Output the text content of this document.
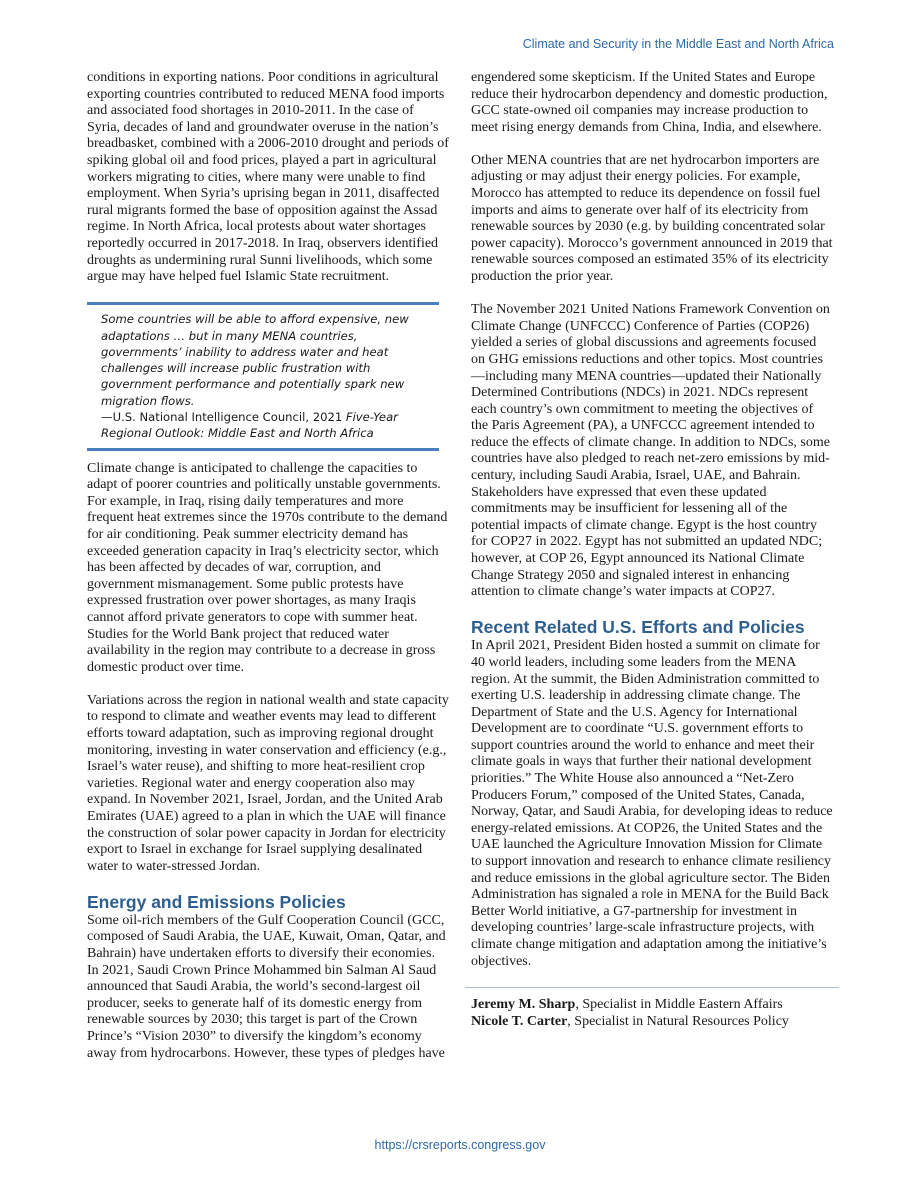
Climate and Security in the Middle East and North Africa

conditions in exporting nations. Poor conditions in agricultural exporting countries contributed to reduced MENA food imports and associated food shortages in 2010-2011. In the case of Syria, decades of land and groundwater overuse in the nation’s breadbasket, combined with a 2006-2010 drought and periods of spiking global oil and food prices, played a part in agricultural workers migrating to cities, where many were unable to find employment. When Syria’s uprising began in 2011, disaffected rural migrants formed the base of opposition against the Assad regime. In North Africa, local protests about water shortages reportedly occurred in 2017-2018. In Iraq, observers identified droughts as undermining rural Sunni livelihoods, which some argue may have helped fuel Islamic State recruitment.

Some countries will be able to afford expensive, new adaptations … but in many MENA countries, governments’ inability to address water and heat challenges will increase public frustration with government performance and potentially spark new migration flows.
—U.S. National Intelligence Council, 2021 Five-Year Regional Outlook: Middle East and North Africa

Climate change is anticipated to challenge the capacities to adapt of poorer countries and politically unstable governments. For example, in Iraq, rising daily temperatures and more frequent heat extremes since the 1970s contribute to the demand for air conditioning. Peak summer electricity demand has exceeded generation capacity in Iraq’s electricity sector, which has been affected by decades of war, corruption, and government mismanagement. Some public protests have expressed frustration over power shortages, as many Iraqis cannot afford private generators to cope with summer heat. Studies for the World Bank project that reduced water availability in the region may contribute to a decrease in gross domestic product over time.

Variations across the region in national wealth and state capacity to respond to climate and weather events may lead to different efforts toward adaptation, such as improving regional drought monitoring, investing in water conservation and efficiency (e.g., Israel’s water reuse), and shifting to more heat-resilient crop varieties. Regional water and energy cooperation also may expand. In November 2021, Israel, Jordan, and the United Arab Emirates (UAE) agreed to a plan in which the UAE will finance the construction of solar power capacity in Jordan for electricity export to Israel in exchange for Israel supplying desalinated water to water-stressed Jordan.

Energy and Emissions Policies

Some oil-rich members of the Gulf Cooperation Council (GCC, composed of Saudi Arabia, the UAE, Kuwait, Oman, Qatar, and Bahrain) have undertaken efforts to diversify their economies. In 2021, Saudi Crown Prince Mohammed bin Salman Al Saud announced that Saudi Arabia, the world’s second-largest oil producer, seeks to generate half of its domestic energy from renewable sources by 2030; this target is part of the Crown Prince’s “Vision 2030” to diversify the kingdom’s economy away from hydrocarbons. However, these types of pledges have

engendered some skepticism. If the United States and Europe reduce their hydrocarbon dependency and domestic production, GCC state-owned oil companies may increase production to meet rising energy demands from China, India, and elsewhere.

Other MENA countries that are net hydrocarbon importers are adjusting or may adjust their energy policies. For example, Morocco has attempted to reduce its dependence on fossil fuel imports and aims to generate over half of its electricity from renewable sources by 2030 (e.g. by building concentrated solar power capacity). Morocco’s government announced in 2019 that renewable sources composed an estimated 35% of its electricity production the prior year.

The November 2021 United Nations Framework Convention on Climate Change (UNFCCC) Conference of Parties (COP26) yielded a series of global discussions and agreements focused on GHG emissions reductions and other topics. Most countries—including many MENA countries—updated their Nationally Determined Contributions (NDCs) in 2021. NDCs represent each country’s own commitment to meeting the objectives of the Paris Agreement (PA), a UNFCCC agreement intended to reduce the effects of climate change. In addition to NDCs, some countries have also pledged to reach net-zero emissions by mid-century, including Saudi Arabia, Israel, UAE, and Bahrain. Stakeholders have expressed that even these updated commitments may be insufficient for lessening all of the potential impacts of climate change. Egypt is the host country for COP27 in 2022. Egypt has not submitted an updated NDC; however, at COP 26, Egypt announced its National Climate Change Strategy 2050 and signaled interest in enhancing attention to climate change’s water impacts at COP27.

Recent Related U.S. Efforts and Policies

In April 2021, President Biden hosted a summit on climate for 40 world leaders, including some leaders from the MENA region. At the summit, the Biden Administration committed to exerting U.S. leadership in addressing climate change. The Department of State and the U.S. Agency for International Development are to coordinate “U.S. government efforts to support countries around the world to enhance and meet their climate goals in ways that further their national development priorities.” The White House also announced a “Net-Zero Producers Forum,” composed of the United States, Canada, Norway, Qatar, and Saudi Arabia, for developing ideas to reduce energy-related emissions. At COP26, the United States and the UAE launched the Agriculture Innovation Mission for Climate to support innovation and research to enhance climate resiliency and reduce emissions in the global agriculture sector. The Biden Administration has signaled a role in MENA for the Build Back Better World initiative, a G7-partnership for investment in developing countries’ large-scale infrastructure projects, with climate change mitigation and adaptation among the initiative’s objectives.

Jeremy M. Sharp, Specialist in Middle Eastern Affairs
Nicole T. Carter, Specialist in Natural Resources Policy
https://crsreports.congress.gov
